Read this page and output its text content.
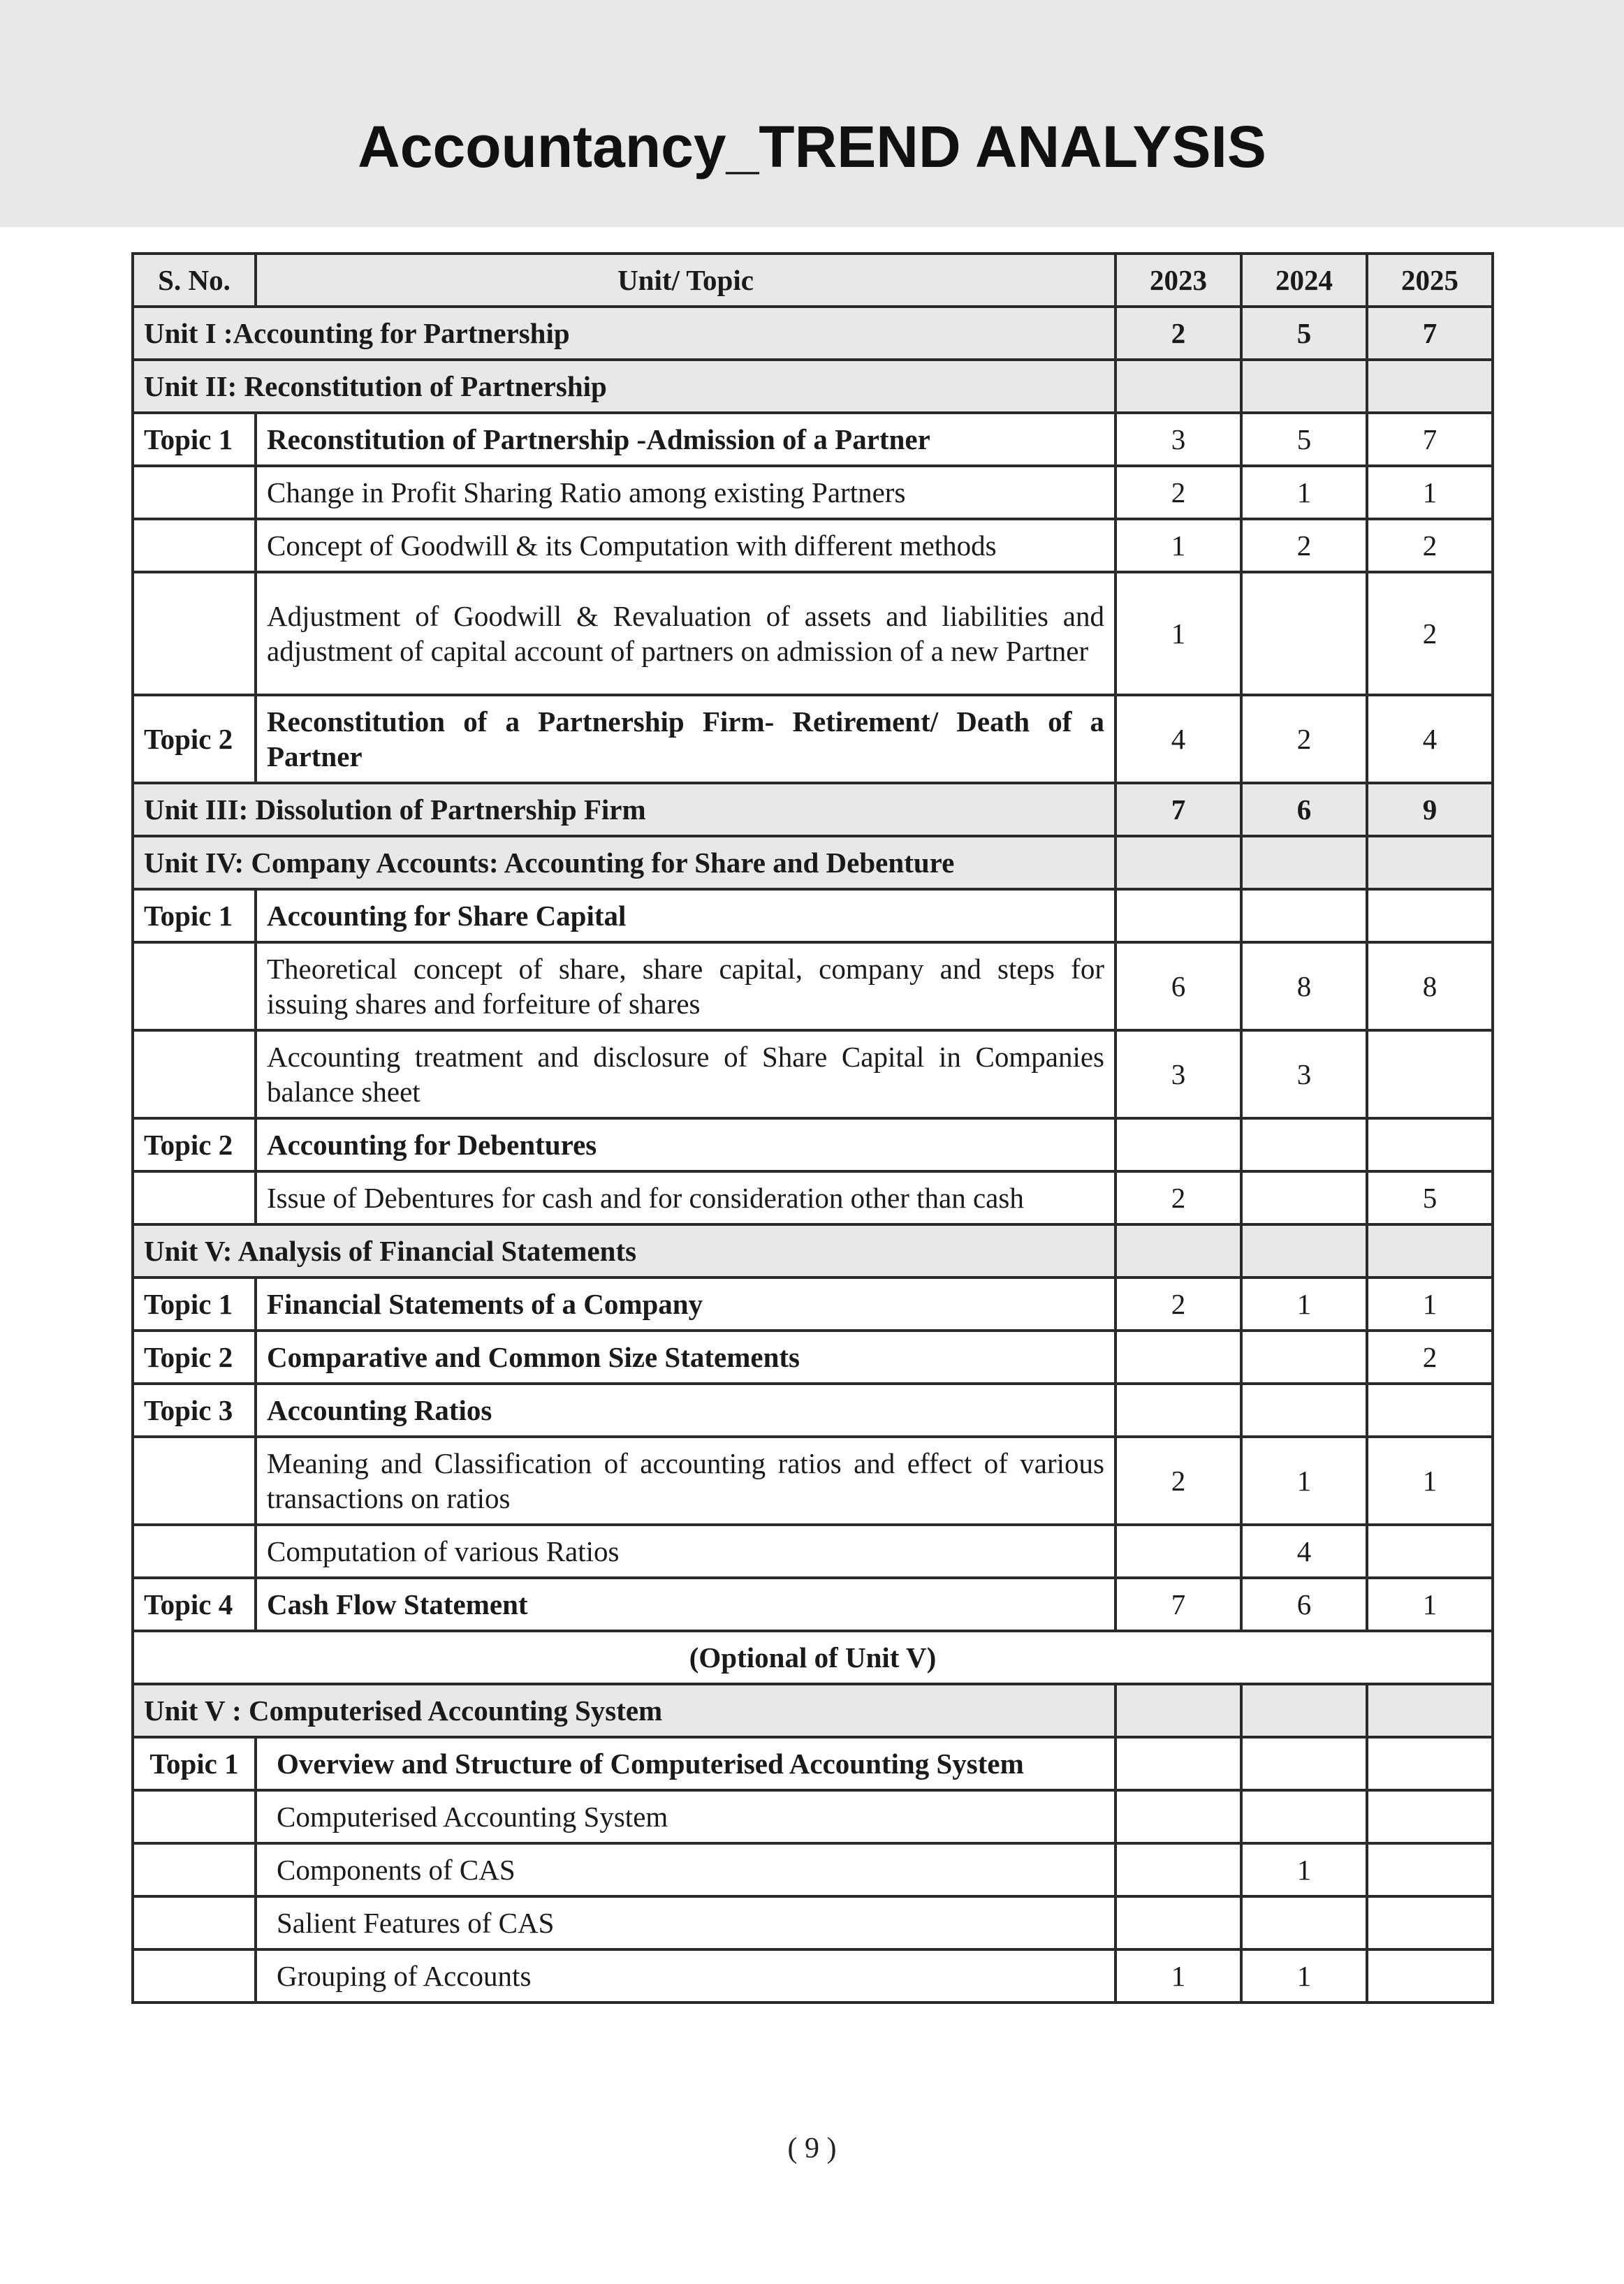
Accountancy_TREND ANALYSIS
S. No.	Unit/ Topic	2023	2024	2025
Unit I :Accounting for Partnership		2	5	7
Unit II: Reconstitution of Partnership				
Topic 1	Reconstitution of Partnership -Admission of a Partner	3	5	7
	Change in Profit Sharing Ratio among existing Partners	2	1	1
	Concept of Goodwill & its Computation with different methods	1	2	2
	Adjustment of Goodwill & Revaluation of assets and liabilities and adjustment of capital account of partners on admission of a new Partner	1		2
Topic 2	Reconstitution of a Partnership Firm- Retirement/ Death of a Partner	4	2	4
Unit III: Dissolution of Partnership Firm		7	6	9
Unit IV: Company Accounts: Accounting for Share and Debenture				
Topic 1	Accounting for Share Capital			
	Theoretical concept of share, share capital, company and steps for issuing shares and forfeiture of shares	6	8	8
	Accounting treatment and disclosure of Share Capital in Companies balance sheet	3	3	
Topic 2	Accounting for Debentures			
	Issue of Debentures for cash and for consideration other than cash	2		5
Unit V: Analysis of Financial Statements				
Topic 1	Financial Statements of a Company	2	1	1
Topic 2	Comparative and Common Size Statements			2
Topic 3	Accounting Ratios			
	Meaning and Classification of accounting ratios and effect of various transactions on ratios	2	1	1
	Computation of various Ratios		4	
Topic 4	Cash Flow Statement	7	6	1
(Optional of Unit V)				
Unit V : Computerised Accounting System				
Topic 1	Overview and Structure of Computerised Accounting System			
	Computerised Accounting System			
	Components of CAS		1	
	Salient Features of CAS			
	Grouping of Accounts	1	1	
( 9 )
